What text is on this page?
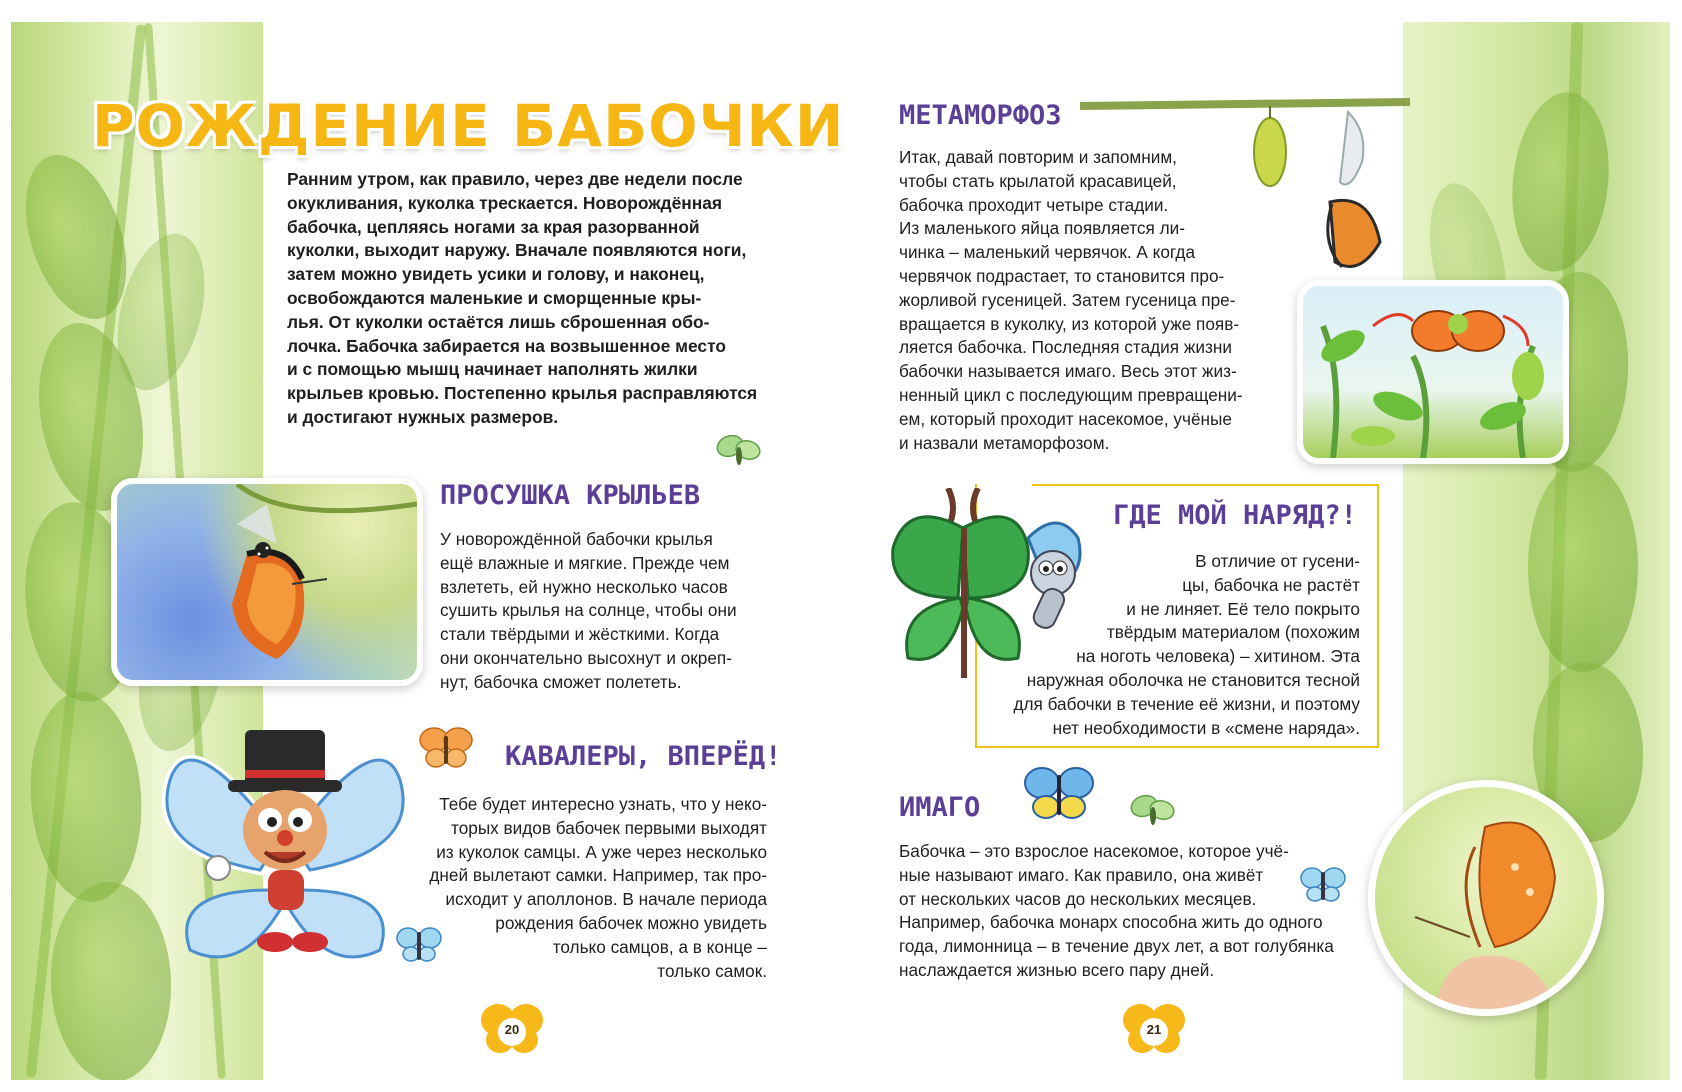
РОЖДЕНИЕ БАБОЧКИ
Ранним утром, как правило, через две недели после
окукливания, куколка трескается. Новорождённая
бабочка, цепляясь ногами за края разорванной
куколки, выходит наружу. Вначале появляются ноги,
затем можно увидеть усики и голову, и наконец,
освобождаются маленькие и сморщенные кры-
лья. От куколки остаётся лишь сброшенная обо-
лочка. Бабочка забирается на возвышенное место
и с помощью мышц начинает наполнять жилки
крыльев кровью. Постепенно крылья расправляются
и достигают нужных размеров.
ПРОСУШКА КРЫЛЬЕВ
У новорождённой бабочки крылья
ещё влажные и мягкие. Прежде чем
взлететь, ей нужно несколько часов
сушить крылья на солнце, чтобы они
стали твёрдыми и жёсткими. Когда
они окончательно высохнут и окреп-
нут, бабочка сможет полететь.
КАВАЛЕРЫ, ВПЕРЁД!
Тебе будет интересно узнать, что у неко-
торых видов бабочек первыми выходят
из куколок самцы. А уже через несколько
дней вылетают самки. Например, так про-
исходит у аполлонов. В начале периода
рождения бабочек можно увидеть
только самцов, а в конце –
только самок.
20
МЕТАМОРФОЗ
Итак, давай повторим и запомним,
чтобы стать крылатой красавицей,
бабочка проходит четыре стадии.
Из маленького яйца появляется ли-
чинка – маленький червячок. А когда
червячок подрастает, то становится про-
жорливой гусеницей. Затем гусеница пре-
вращается в куколку, из которой уже появ-
ляется бабочка. Последняя стадия жизни
бабочки называется имаго. Весь этот жиз-
ненный цикл с последующим превращени-
ем, который проходит насекомое, учёные
и назвали метаморфозом.
ГДЕ МОЙ НАРЯД?!
В отличие от гусени-
цы, бабочка не растёт
и не линяет. Её тело покрыто
твёрдым материалом (похожим
на ноготь человека) – хитином. Эта
наружная оболочка не становится тесной
для бабочки в течение её жизни, и поэтому
нет необходимости в «смене наряда».
ИМАГО
Бабочка – это взрослое насекомое, которое учё-
ные называют имаго. Как правило, она живёт
от нескольких часов до нескольких месяцев.
Например, бабочка монарх способна жить до одного
года, лимонница – в течение двух лет, а вот голубянка
наслаждается жизнью всего пару дней.
21
